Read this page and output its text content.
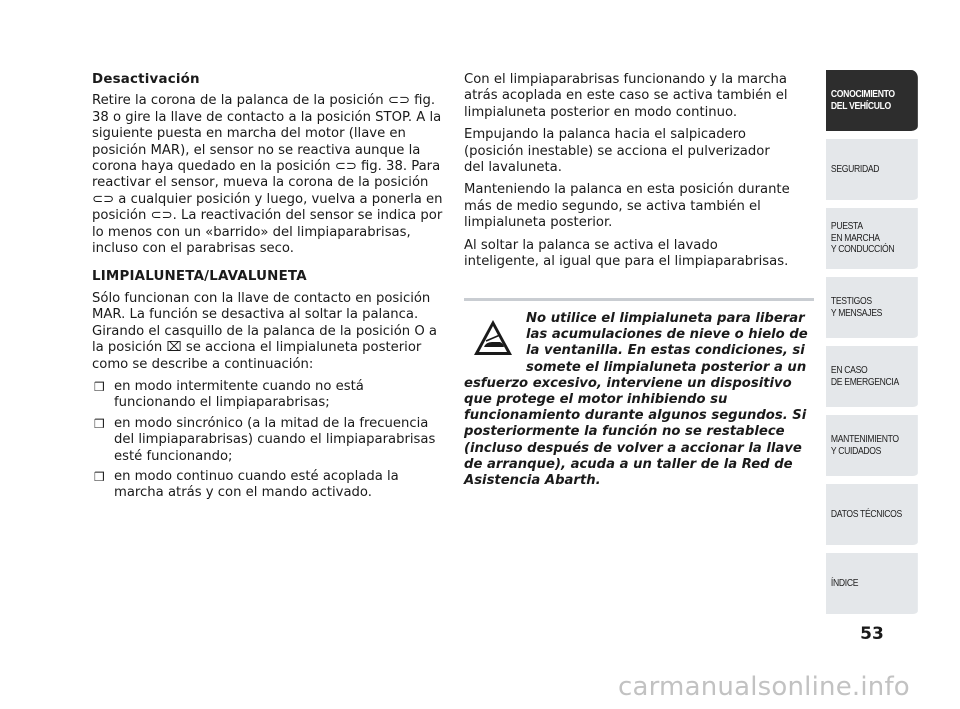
Desactivación

Retire la corona de la palanca de la posición ⊂⊃ fig. 38 o gire la llave de contacto a la posición STOP. A la siguiente puesta en marcha del motor (llave en posición MAR), el sensor no se reactiva aunque la corona haya quedado en la posición ⊂⊃ fig. 38. Para reactivar el sensor, mueva la corona de la posición ⊂⊃ a cualquier posición y luego, vuelva a ponerla en posición ⊂⊃. La reactivación del sensor se indica por lo menos con un «barrido» del limpiaparabrisas, incluso con el parabrisas seco.

LIMPIALUNETA/LAVALUNETA

Sólo funcionan con la llave de contacto en posición MAR. La función se desactiva al soltar la palanca. Girando el casquillo de la palanca de la posición O a la posición ⌧ se acciona el limpialuneta posterior como se describe a continuación:

❒ en modo intermitente cuando no está funcionando el limpiaparabrisas;
❒ en modo sincrónico (a la mitad de la frecuencia del limpiaparabrisas) cuando el limpiaparabrisas esté funcionando;
❒ en modo continuo cuando esté acoplada la marcha atrás y con el mando activado.

Con el limpiaparabrisas funcionando y la marcha atrás acoplada en este caso se activa también el limpialuneta posterior en modo continuo.

Empujando la palanca hacia el salpicadero (posición inestable) se acciona el pulverizador del lavaluneta.

Manteniendo la palanca en esta posición durante más de medio segundo, se activa también el limpialuneta posterior.

Al soltar la palanca se activa el lavado inteligente, al igual que para el limpiaparabrisas.

No utilice el limpialuneta para liberar las acumulaciones de nieve o hielo de la ventanilla. En estas condiciones, si somete el limpialuneta posterior a un esfuerzo excesivo, interviene un dispositivo que protege el motor inhibiendo su funcionamiento durante algunos segundos. Si posteriormente la función no se restablece (incluso después de volver a accionar la llave de arranque), acuda a un taller de la Red de Asistencia Abarth.
CONOCIMIENTO
DEL VEHÍCULO
SEGURIDAD
PUESTA
EN MARCHA
Y CONDUCCIÓN
TESTIGOS
Y MENSAJES
EN CASO
DE EMERGENCIA
MANTENIMIENTO
Y CUIDADOS
DATOS TÉCNICOS
ÍNDICE
53
carmanualsonline.info
